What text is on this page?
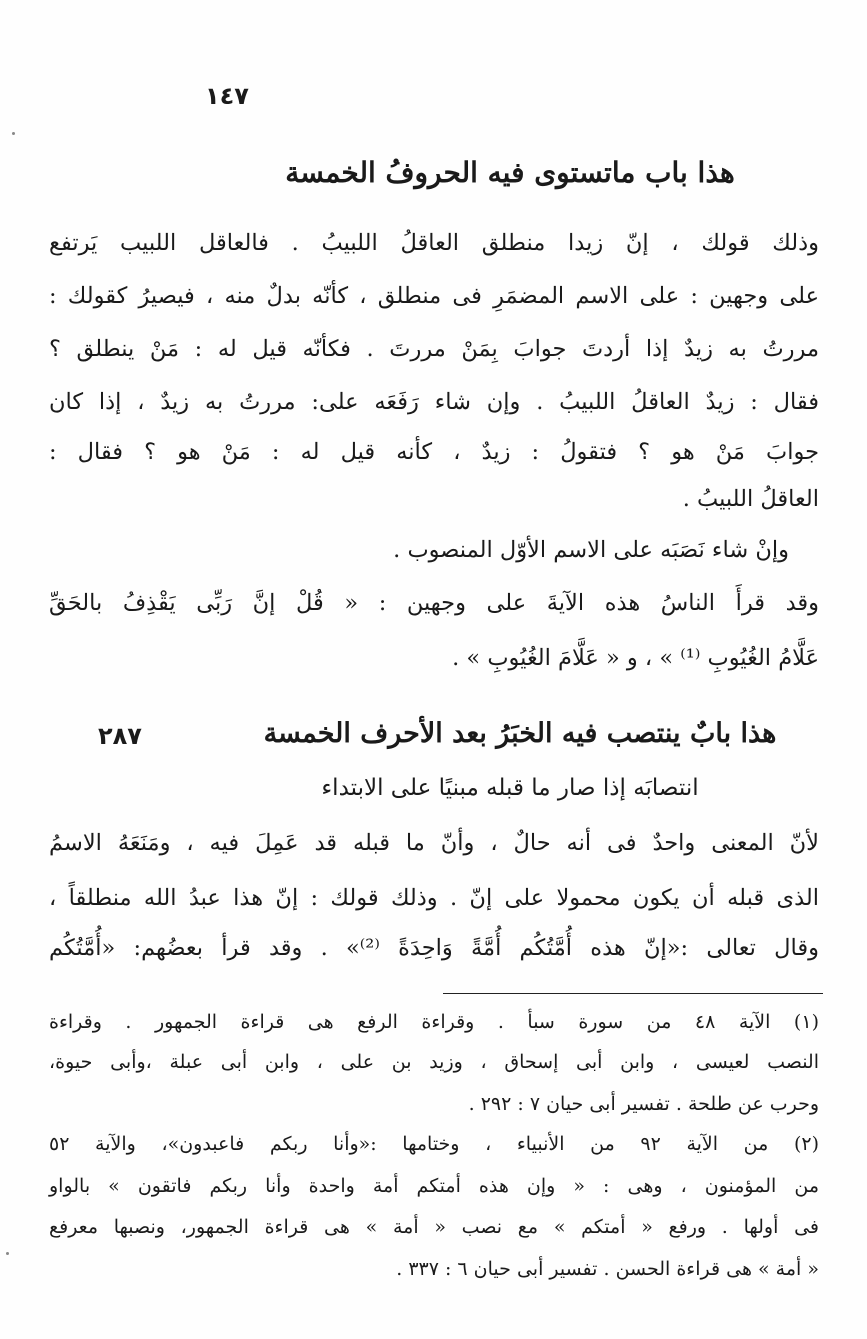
١٤٧
هذا باب ماتستوى فيه الحروفُ الخمسة
وذلك قولك ، إنّ زيدا منطلق العاقلُ اللبيبُ . فالعاقل اللبيب يَرتفع
على وجهين : على الاسم المضمَرِ فى منطلق ، كأنّه بدلٌ منه ، فيصيرُ كقولك :
مررتُ به زيدٌ إذا أردتَ جوابَ بِمَنْ مررتَ . فكأنّه قيل له : مَنْ ينطلق ؟
فقال : زيدٌ العاقلُ اللبيبُ . وإن شاء رَفَعَه على: مررتُ به زيدٌ ، إذا كان
جوابَ مَنْ هو ؟ فتقولُ : زيدٌ ، كأنه قيل له : مَنْ هو ؟ فقال :
العاقلُ اللبيبُ .
وإنْ شاء نَصَبَه على الاسم الأوّل المنصوب .
وقد قرأَ الناسُ هذه الآيةَ على وجهين : « قُلْ إنَّ رَبِّى يَقْذِفُ بالحَقِّ
عَلَّامُ الغُيُوبِ ⁽¹⁾ » ، و « عَلَّامَ الغُيُوبِ » .
٢٨٧	هذا بابٌ ينتصب فيه الخبَرُ بعد الأحرف الخمسة
انتصابَه إذا صار ما قبله مبنيًا على الابتداء
لأنّ المعنى واحدٌ فى أنه حالٌ ، وأنّ ما قبله قد عَمِلَ فيه ، ومَنَعَهُ الاسمُ
الذى قبله أن يكون محمولا على إنّ . وذلك قولك : إنّ هذا عبدُ الله منطلقاً ،
وقال تعالى :«إنّ هذه أُمَّتُكُم أُمَّةً وَاحِدَةً ⁽²⁾» . وقد قرأ بعضُهم: «أُمَّتُكُم
(١) الآية ٤٨ من سورة سبأ . وقراءة الرفع هى قراءة الجمهور . وقراءة
النصب لعيسى ، وابن أبى إسحاق ، وزيد بن على ، وابن أبى عبلة ،وأبى حيوة،
وحرب عن طلحة . تفسير أبى حيان ٧ : ٢٩٢ .
(٢) من الآية ٩٢ من الأنبياء ، وختامها :«وأنا ربكم فاعبدون»، والآية ٥٢
من المؤمنون ، وهى : « وإن هذه أمتكم أمة واحدة وأنا ربكم فاتقون » بالواو
فى أولها . ورفع « أمتكم » مع نصب « أمة » هى قراءة الجمهور، ونصبها معرفع
« أمة » هى قراءة الحسن . تفسير أبى حيان ٦ : ٣٣٧ .
